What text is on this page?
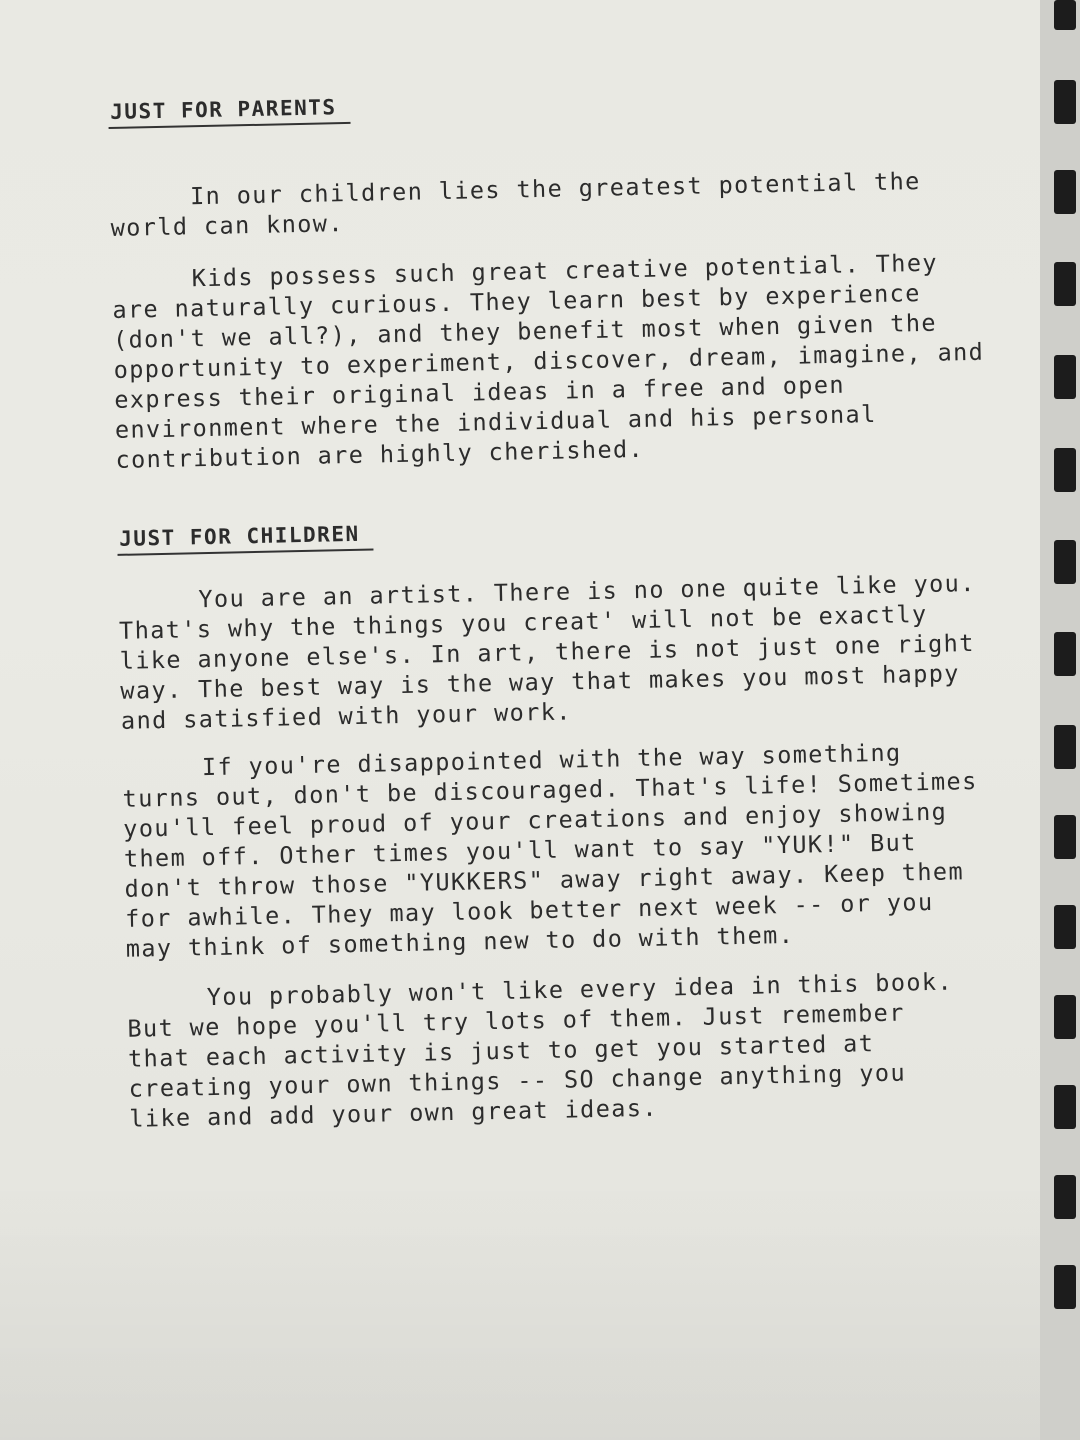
JUST FOR PARENTS

In our children lies the greatest potential the world can know.

Kids possess such great creative potential. They are naturally curious. They learn best by experience (don't we all?), and they benefit most when given the opportunity to experiment, discover, dream, imagine, and express their original ideas in a free and open environment where the individual and his personal contribution are highly cherished.

JUST FOR CHILDREN

You are an artist. There is no one quite like you. That's why the things you creat' will not be exactly like anyone else's. In art, there is not just one right way. The best way is the way that makes you most happy and satisfied with your work.

If you're disappointed with the way something turns out, don't be discouraged. That's life! Sometimes you'll feel proud of your creations and enjoy showing them off. Other times you'll want to say "YUK!" But don't throw those "YUKKERS" away right away. Keep them for awhile. They may look better next week -- or you may think of something new to do with them.

You probably won't like every idea in this book. But we hope you'll try lots of them. Just remember that each activity is just to get you started at creating your own things -- SO change anything you like and add your own great ideas.
